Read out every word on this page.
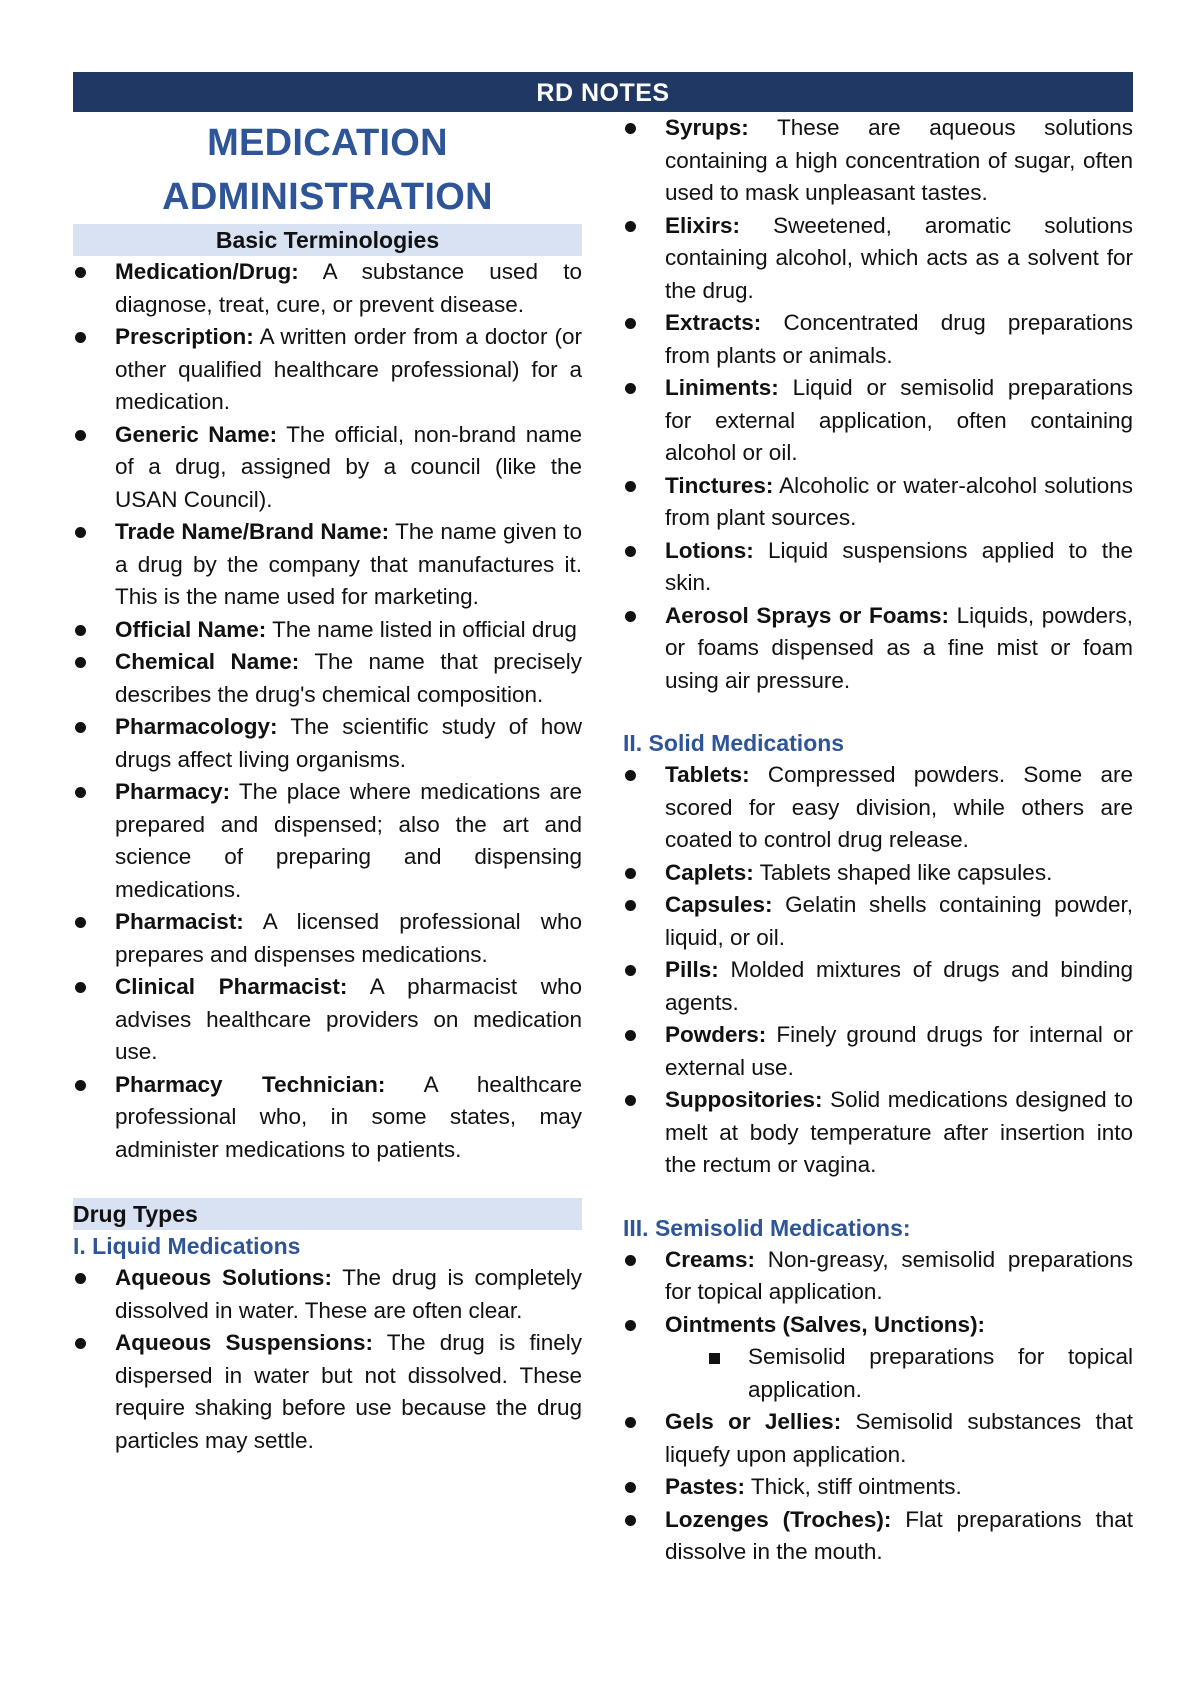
RD NOTES
MEDICATION
ADMINISTRATION
Basic Terminologies
Medication/Drug: A substance used to diagnose, treat, cure, or prevent disease.
Prescription: A written order from a doctor (or other qualified healthcare professional) for a medication.
Generic Name: The official, non-brand name of a drug, assigned by a council (like the USAN Council).
Trade Name/Brand Name: The name given to a drug by the company that manufactures it. This is the name used for marketing.
Official Name: The name listed in official drug
Chemical Name: The name that precisely describes the drug's chemical composition.
Pharmacology: The scientific study of how drugs affect living organisms.
Pharmacy: The place where medications are prepared and dispensed; also the art and science of preparing and dispensing medications.
Pharmacist: A licensed professional who prepares and dispenses medications.
Clinical Pharmacist: A pharmacist who advises healthcare providers on medication use.
Pharmacy Technician: A healthcare professional who, in some states, may administer medications to patients.
Drug Types
I. Liquid Medications
Aqueous Solutions: The drug is completely dissolved in water. These are often clear.
Aqueous Suspensions: The drug is finely dispersed in water but not dissolved. These require shaking before use because the drug particles may settle.
Syrups: These are aqueous solutions containing a high concentration of sugar, often used to mask unpleasant tastes.
Elixirs: Sweetened, aromatic solutions containing alcohol, which acts as a solvent for the drug.
Extracts: Concentrated drug preparations from plants or animals.
Liniments: Liquid or semisolid preparations for external application, often containing alcohol or oil.
Tinctures: Alcoholic or water-alcohol solutions from plant sources.
Lotions: Liquid suspensions applied to the skin.
Aerosol Sprays or Foams: Liquids, powders, or foams dispensed as a fine mist or foam using air pressure.
II. Solid Medications
Tablets: Compressed powders. Some are scored for easy division, while others are coated to control drug release.
Caplets: Tablets shaped like capsules.
Capsules: Gelatin shells containing powder, liquid, or oil.
Pills: Molded mixtures of drugs and binding agents.
Powders: Finely ground drugs for internal or external use.
Suppositories: Solid medications designed to melt at body temperature after insertion into the rectum or vagina.
III. Semisolid Medications:
Creams: Non-greasy, semisolid preparations for topical application.
Ointments (Salves, Unctions):
Semisolid preparations for topical application.
Gels or Jellies: Semisolid substances that liquefy upon application.
Pastes: Thick, stiff ointments.
Lozenges (Troches): Flat preparations that dissolve in the mouth.
